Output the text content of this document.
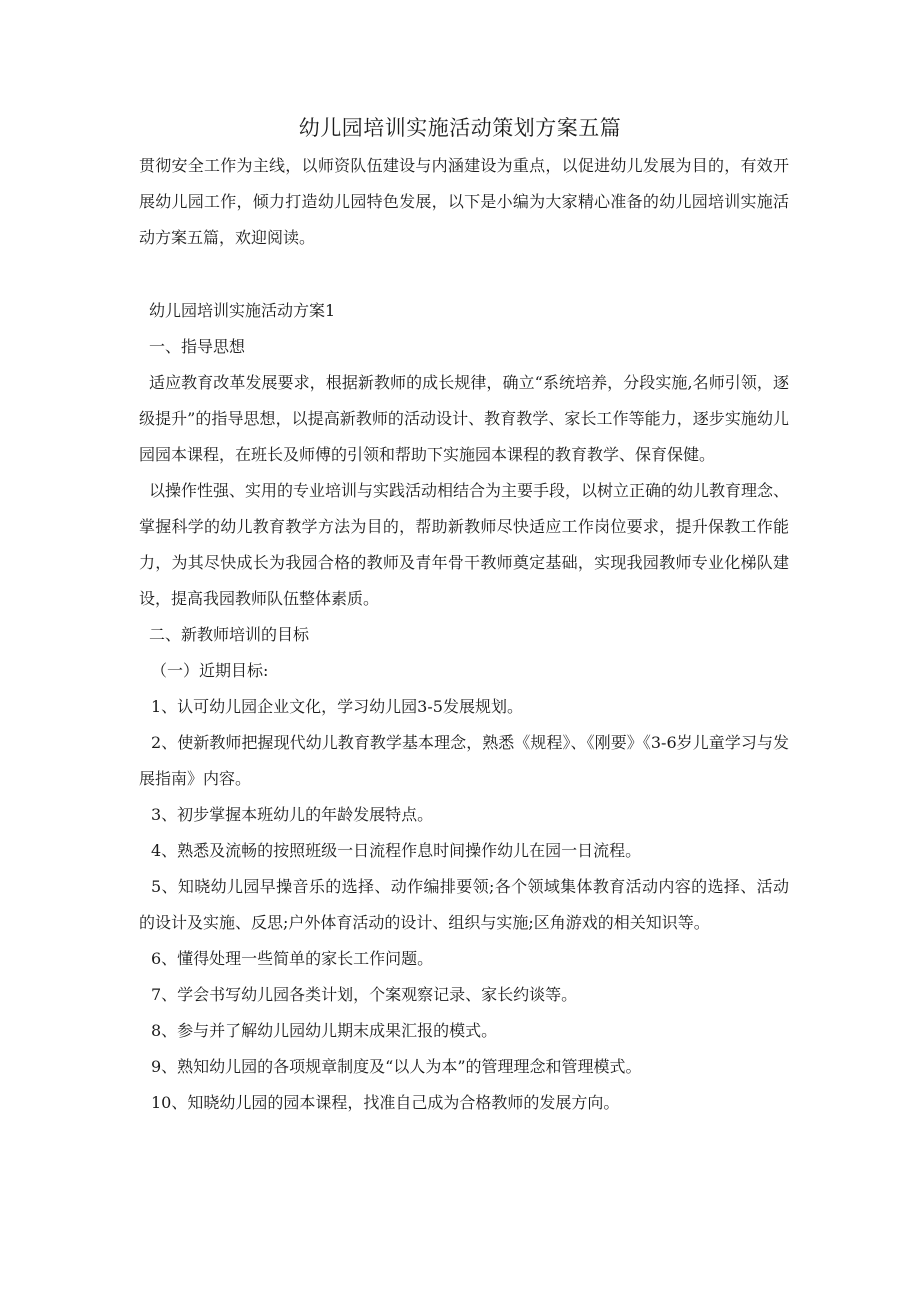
幼儿园培训实施活动策划方案五篇

贯彻安全工作为主线，以师资队伍建设与内涵建设为重点，以促进幼儿发展为目的，有效开展幼儿园工作，倾力打造幼儿园特色发展，以下是小编为大家精心准备的幼儿园培训实施活动方案五篇，欢迎阅读。

幼儿园培训实施活动方案1

一、指导思想

适应教育改革发展要求，根据新教师的成长规律，确立“系统培养，分段实施,名师引领，逐级提升”的指导思想，以提高新教师的活动设计、教育教学、家长工作等能力，逐步实施幼儿园园本课程，在班长及师傅的引领和帮助下实施园本课程的教育教学、保育保健。

以操作性强、实用的专业培训与实践活动相结合为主要手段，以树立正确的幼儿教育理念、掌握科学的幼儿教育教学方法为目的，帮助新教师尽快适应工作岗位要求，提升保教工作能力，为其尽快成长为我园合格的教师及青年骨干教师奠定基础，实现我园教师专业化梯队建设，提高我园教师队伍整体素质。

二、新教师培训的目标

（一）近期目标:

1、认可幼儿园企业文化，学习幼儿园3-5发展规划。

2、使新教师把握现代幼儿教育教学基本理念，熟悉《规程》、《刚要》《3-6岁儿童学习与发展指南》内容。

3、初步掌握本班幼儿的年龄发展特点。

4、熟悉及流畅的按照班级一日流程作息时间操作幼儿在园一日流程。

5、知晓幼儿园早操音乐的选择、动作编排要领;各个领域集体教育活动内容的选择、活动的设计及实施、反思;户外体育活动的设计、组织与实施;区角游戏的相关知识等。

6、懂得处理一些简单的家长工作问题。

7、学会书写幼儿园各类计划，个案观察记录、家长约谈等。

8、参与并了解幼儿园幼儿期末成果汇报的模式。

9、熟知幼儿园的各项规章制度及“以人为本”的管理理念和管理模式。

10、知晓幼儿园的园本课程，找准自己成为合格教师的发展方向。
